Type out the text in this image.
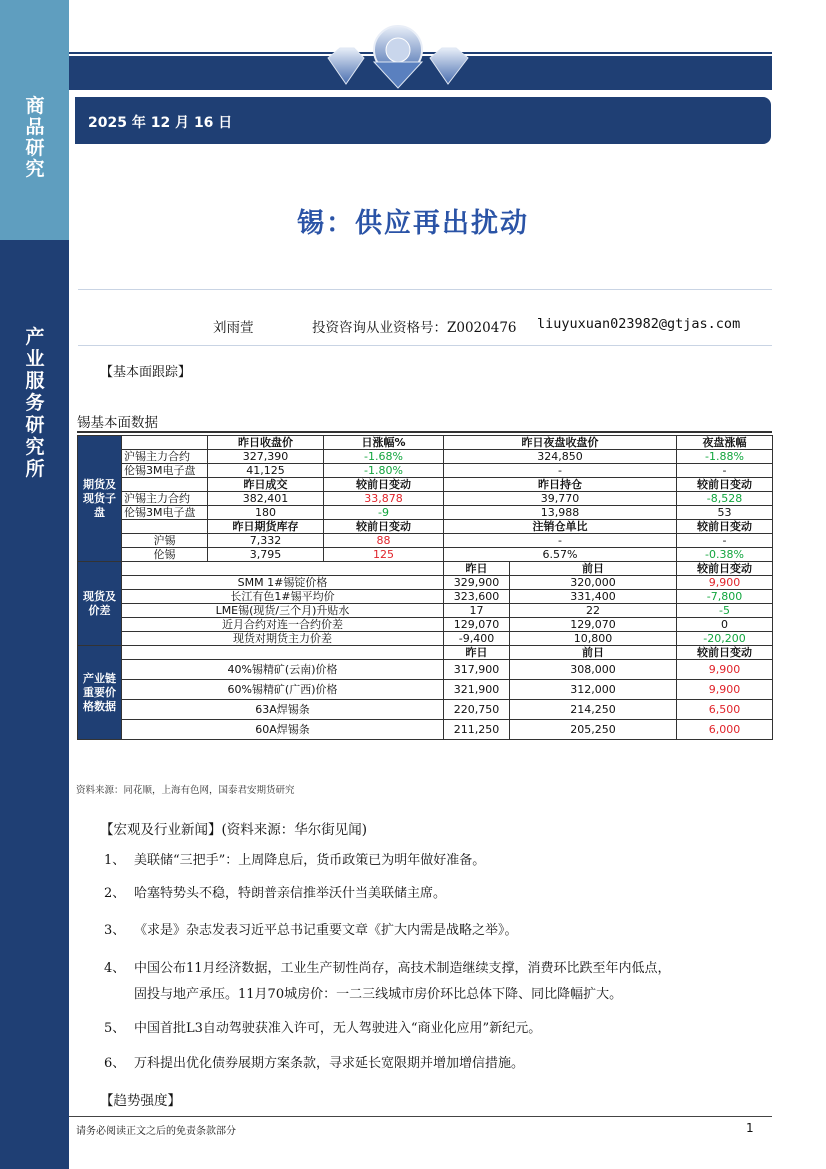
商
品
研
究
产
业
服
务
研
究
所
2025 年 12 月 16 日
锡：供应再出扰动
刘雨萱	投资咨询从业资格号：Z0020476 liuyuxuan023982@gtjas.com
【基本面跟踪】
锡基本面数据
期货及现货子盘		昨日收盘价	日涨幅%	昨日夜盘收盘价		夜盘涨幅
	沪锡主力合约	327,390	-1.68%	324,850		-1.88%
	伦锡3M电子盘	41,125	-1.80%	-		-
		昨日成交	较前日变动	昨日持仓		较前日变动
	沪锡主力合约	382,401	33,878	39,770		-8,528
	伦锡3M电子盘	180	-9	13,988		53
		昨日期货库存	较前日变动	注销仓单比		较前日变动
	沪锡	7,332	88	-		-
	伦锡	3,795	125	6.57%		-0.38%
现货及价差				昨日	前日	较前日变动
	SMM 1#锡锭价格			329,900	320,000	9,900
	长江有色1#锡平均价			323,600	331,400	-7,800
	LME锡(现货/三个月)升贴水			17	22	-5
	近月合约对连一合约价差			129,070	129,070	0
	现货对期货主力价差			-9,400	10,800	-20,200
产业链重要价格数据				昨日	前日	较前日变动
	40%锡精矿(云南)价格			317,900	308,000	9,900
	60%锡精矿(广西)价格			321,900	312,000	9,900
	63A焊锡条			220,750	214,250	6,500
	60A焊锡条			211,250	205,250	6,000
资料来源：同花顺，上海有色网，国泰君安期货研究
【宏观及行业新闻】(资料来源：华尔街见闻)
1、 美联储“三把手”：上周降息后，货币政策已为明年做好准备。
2、 哈塞特势头不稳，特朗普亲信推举沃什当美联储主席。
3、 《求是》杂志发表习近平总书记重要文章《扩大内需是战略之举》。
4、 中国公布11月经济数据，工业生产韧性尚存，高技术制造继续支撑，消费环比跌至年内低点，
固投与地产承压。11月70城房价：一二三线城市房价环比总体下降、同比降幅扩大。
5、 中国首批L3自动驾驶获准入许可，无人驾驶进入“商业化应用”新纪元。
6、 万科提出优化债券展期方案条款，寻求延长宽限期并增加增信措施。
【趋势强度】
请务必阅读正文之后的免责条款部分	1
